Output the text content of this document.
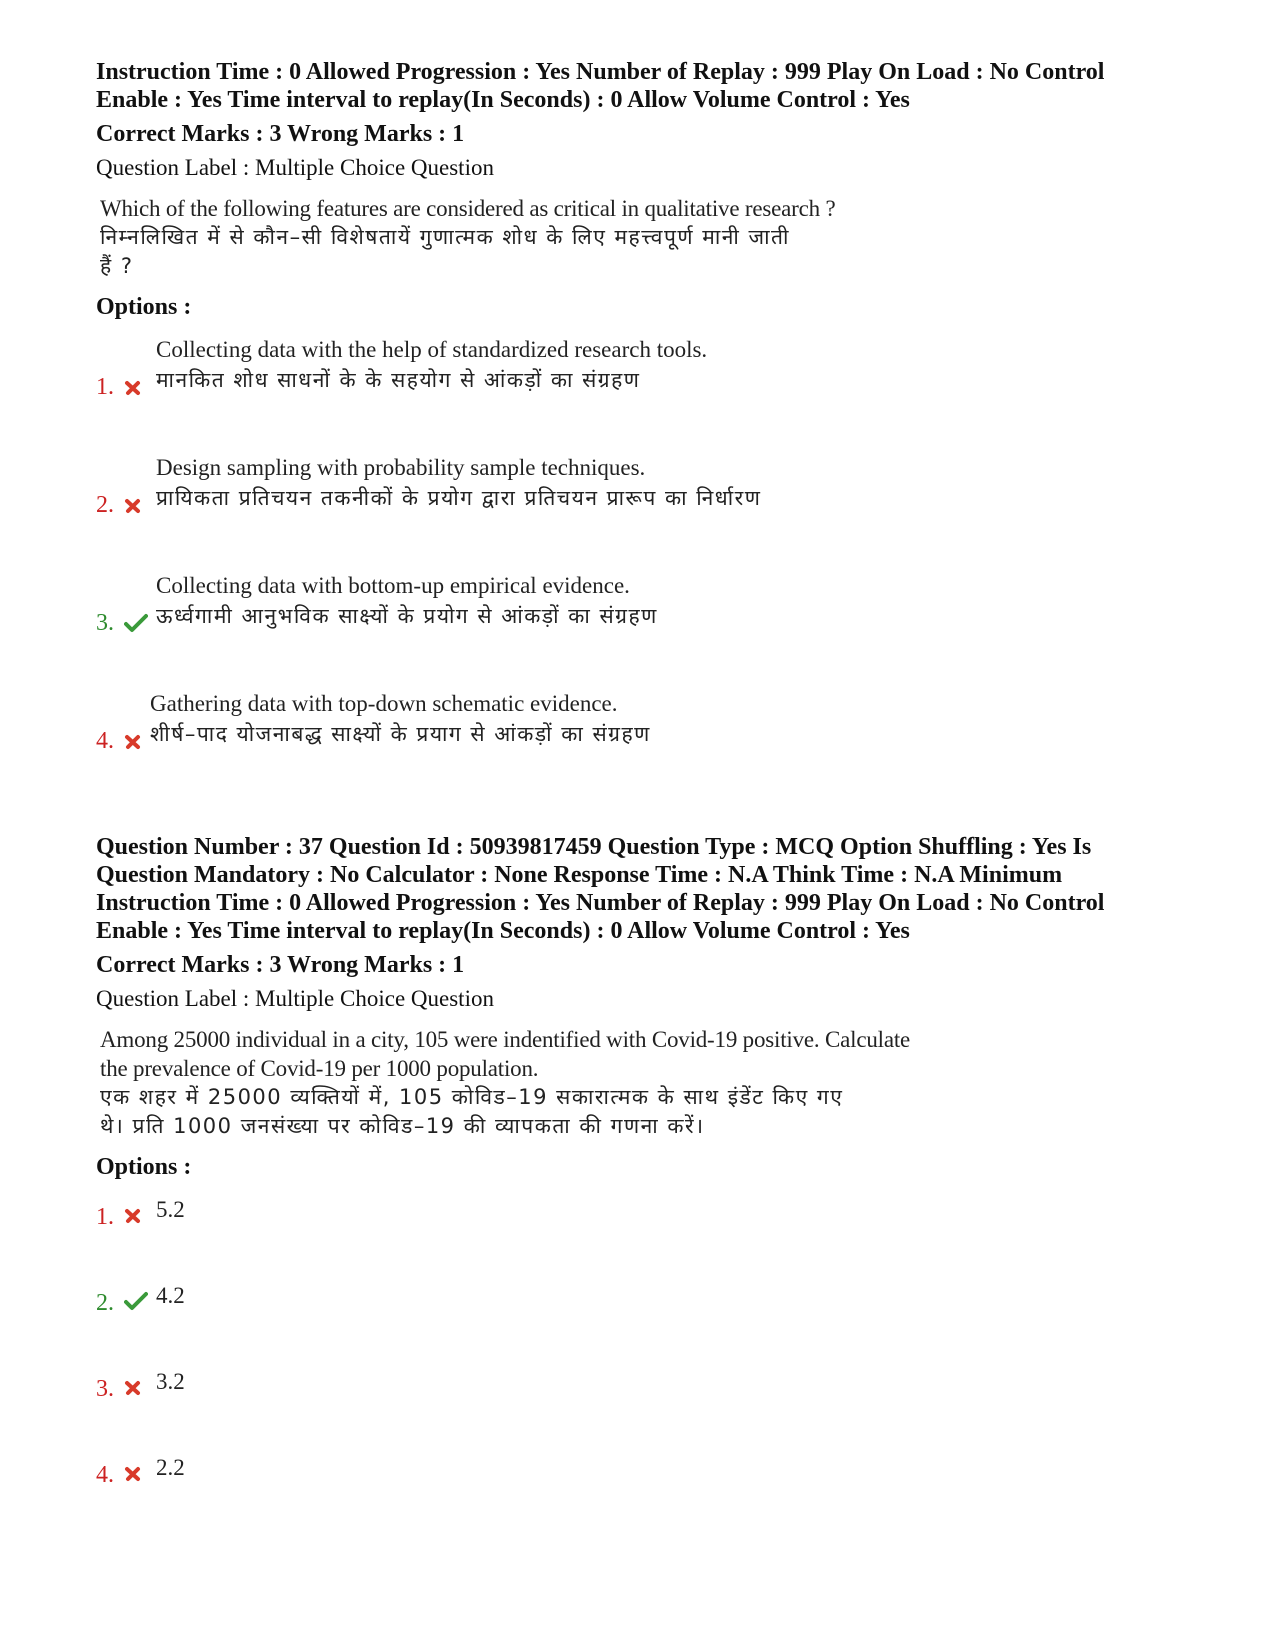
Instruction Time : 0 Allowed Progression : Yes Number of Replay : 999 Play On Load : No Control

Enable : Yes Time interval to replay(In Seconds) : 0 Allow Volume Control : Yes

Correct Marks : 3 Wrong Marks : 1

Question Label : Multiple Choice Question

Which of the following features are considered as critical in qualitative research ?

निम्नलिखित में से कौन–सी विशेषतायें गुणात्मक शोध के लिए महत्त्वपूर्ण मानी जाती

हैं ?

Options :

Collecting data with the help of standardized research tools.

मानकित शोध साधनों के के सहयोग से आंकड़ों का संग्रहण

1.

Design sampling with probability sample techniques.

प्रायिकता प्रतिचयन तकनीकों के प्रयोग द्वारा प्रतिचयन प्रारूप का निर्धारण

2.

Collecting data with bottom-up empirical evidence.

ऊर्ध्वगामी आनुभविक साक्ष्यों के प्रयोग से आंकड़ों का संग्रहण

3.

Gathering data with top-down schematic evidence.

शीर्ष–पाद योजनाबद्ध साक्ष्यों के प्रयाग से आंकड़ों का संग्रहण

4.

Question Number : 37 Question Id : 50939817459 Question Type : MCQ Option Shuffling : Yes Is

Question Mandatory : No Calculator : None Response Time : N.A Think Time : N.A Minimum

Instruction Time : 0 Allowed Progression : Yes Number of Replay : 999 Play On Load : No Control

Enable : Yes Time interval to replay(In Seconds) : 0 Allow Volume Control : Yes

Correct Marks : 3 Wrong Marks : 1

Question Label : Multiple Choice Question

Among 25000 individual in a city, 105 were indentified with Covid-19 positive. Calculate

the prevalence of Covid-19 per 1000 population.

एक शहर में 25000 व्यक्तियों में, 105 कोविड–19 सकारात्मक के साथ इंडेंट किए गए

थे। प्रति 1000 जनसंख्या पर कोविड–19 की व्यापकता की गणना करें।

Options :

5.2
1.
4.2
2.
3.2
3.
2.2
4.
